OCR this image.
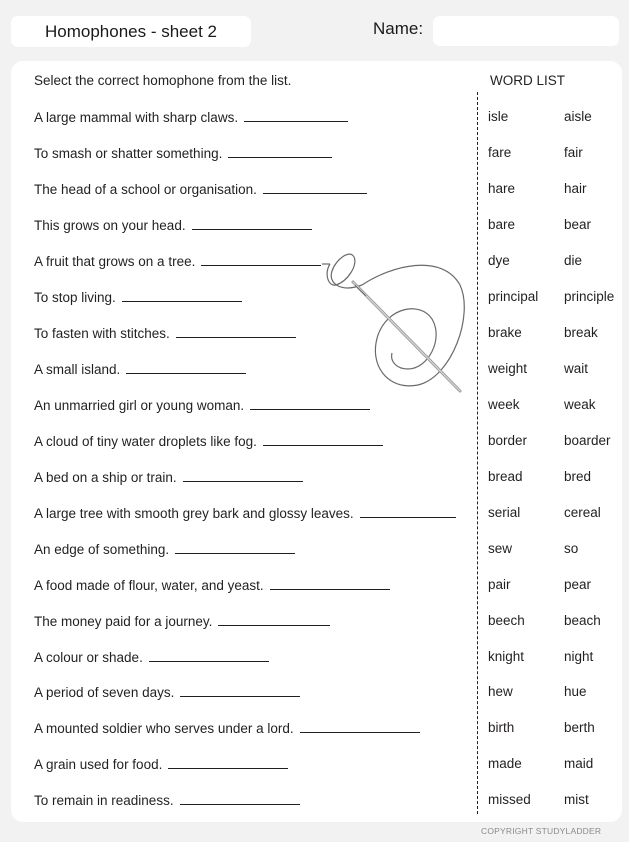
Homophones - sheet 2	Name:
Select the correct homophone from the list.
A large mammal with sharp claws.
To smash or shatter something.
The head of a school or organisation.
This grows on your head.
A fruit that grows on a tree.
To stop living.
To fasten with stitches.
A small island.
An unmarried girl or young woman.
A cloud of tiny water droplets like fog.
A bed on a ship or train.
A large tree with smooth grey bark and glossy leaves.
An edge of something.
A food made of flour, water, and yeast.
The money paid for a journey.
A colour or shade.
A period of seven days.
A mounted soldier who serves under a lord.
A grain used for food.
To remain in readiness.
WORD LIST
isle	aisle
fare	fair
hare	hair
bare	bear
dye	die
principal principle
brake	break
weight	wait
week	weak
border	boarder
bread	bred
serial	cereal
sew	so
pair	pear
beech	beach
knight	night
hew	hue
birth	berth
made	maid
missed mist
COPYRIGHT STUDYLADDER
